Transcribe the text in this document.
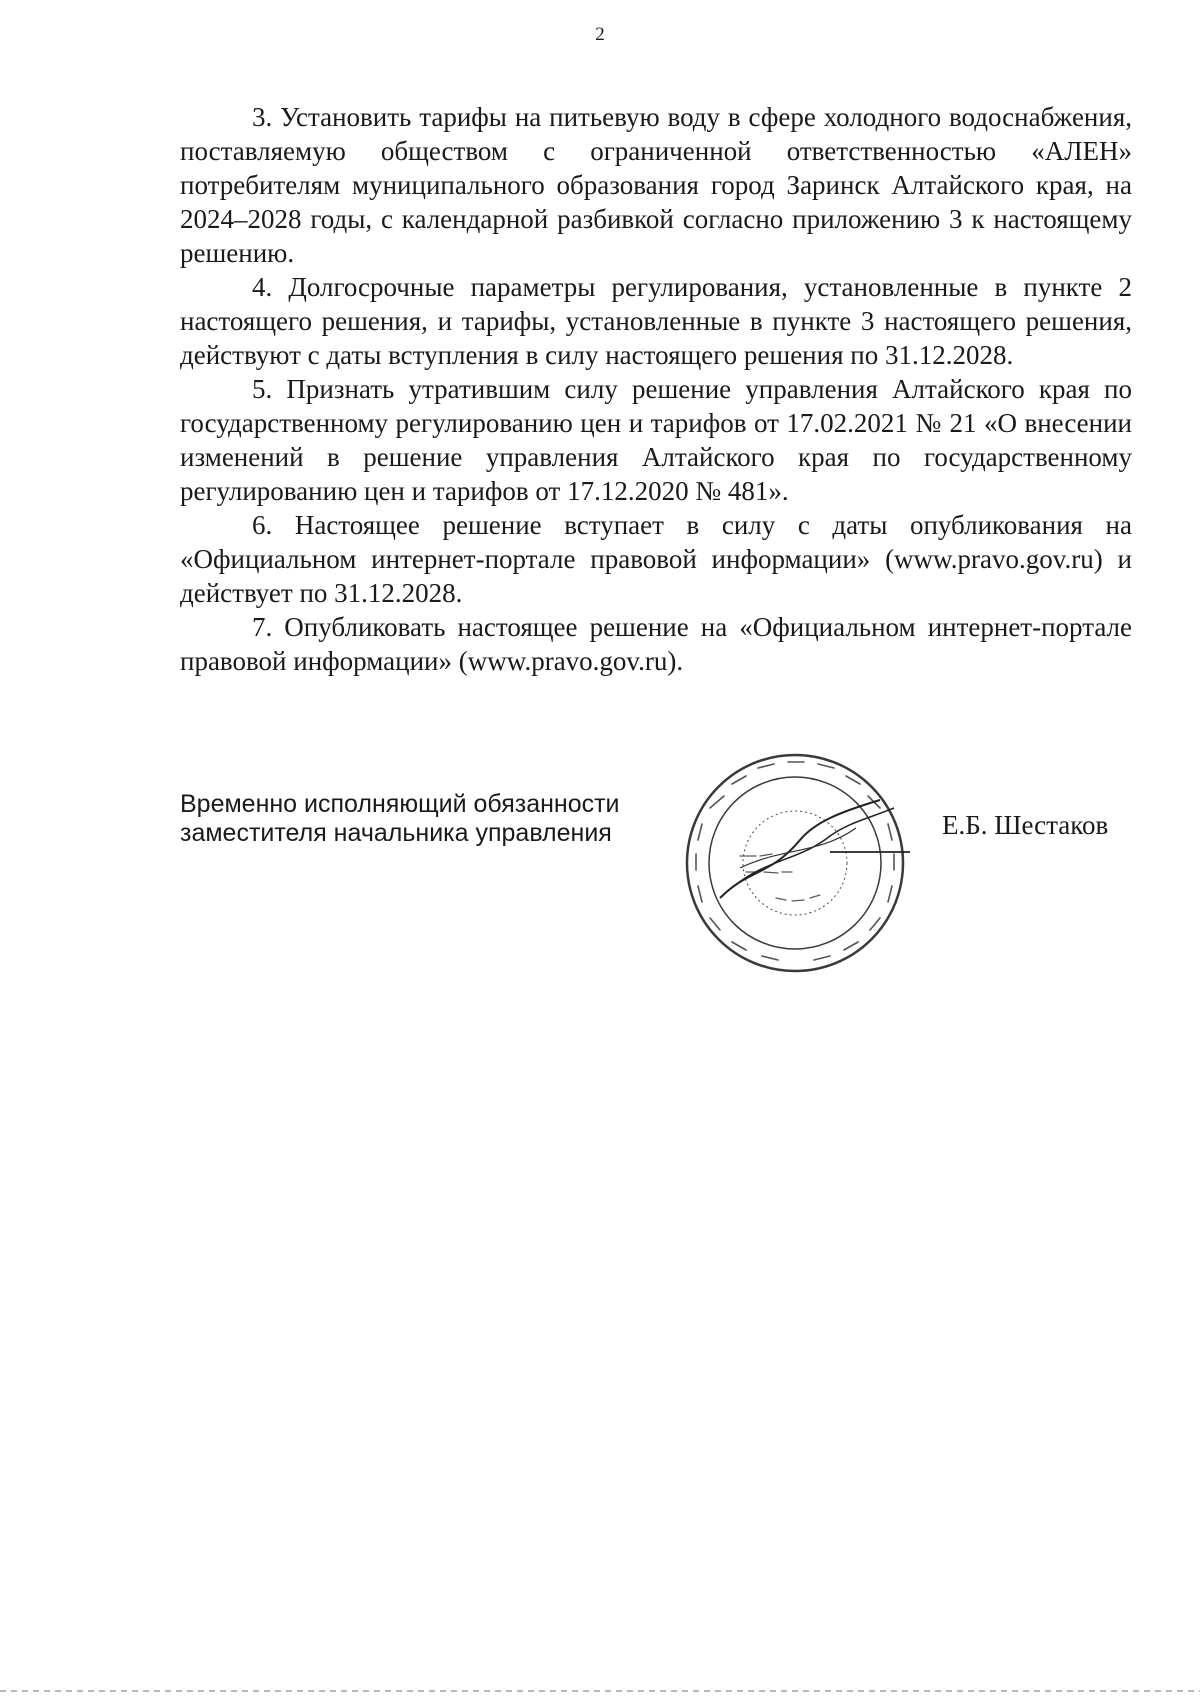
2

3. Установить тарифы на питьевую воду в сфере холодного водоснабжения, поставляемую обществом с ограниченной ответственностью «АЛЕН» потребителям муниципального образования город Заринск Алтайского края, на 2024–2028 годы, с календарной разбивкой согласно приложению 3 к настоящему решению.

4. Долгосрочные параметры регулирования, установленные в пункте 2 настоящего решения, и тарифы, установленные в пункте 3 настоящего решения, действуют с даты вступления в силу настоящего решения по 31.12.2028.

5. Признать утратившим силу решение управления Алтайского края по государственному регулированию цен и тарифов от 17.02.2021 № 21 «О внесении изменений в решение управления Алтайского края по государственному регулированию цен и тарифов от 17.12.2020 № 481».

6. Настоящее решение вступает в силу с даты опубликования на «Официальном интернет-портале правовой информации» (www.pravo.gov.ru) и действует по 31.12.2028.

7. Опубликовать настоящее решение на «Официальном интернет-портале правовой информации» (www.pravo.gov.ru).

Временно исполняющий обязанности
заместителя начальника управления	Е.Б. Шестаков
